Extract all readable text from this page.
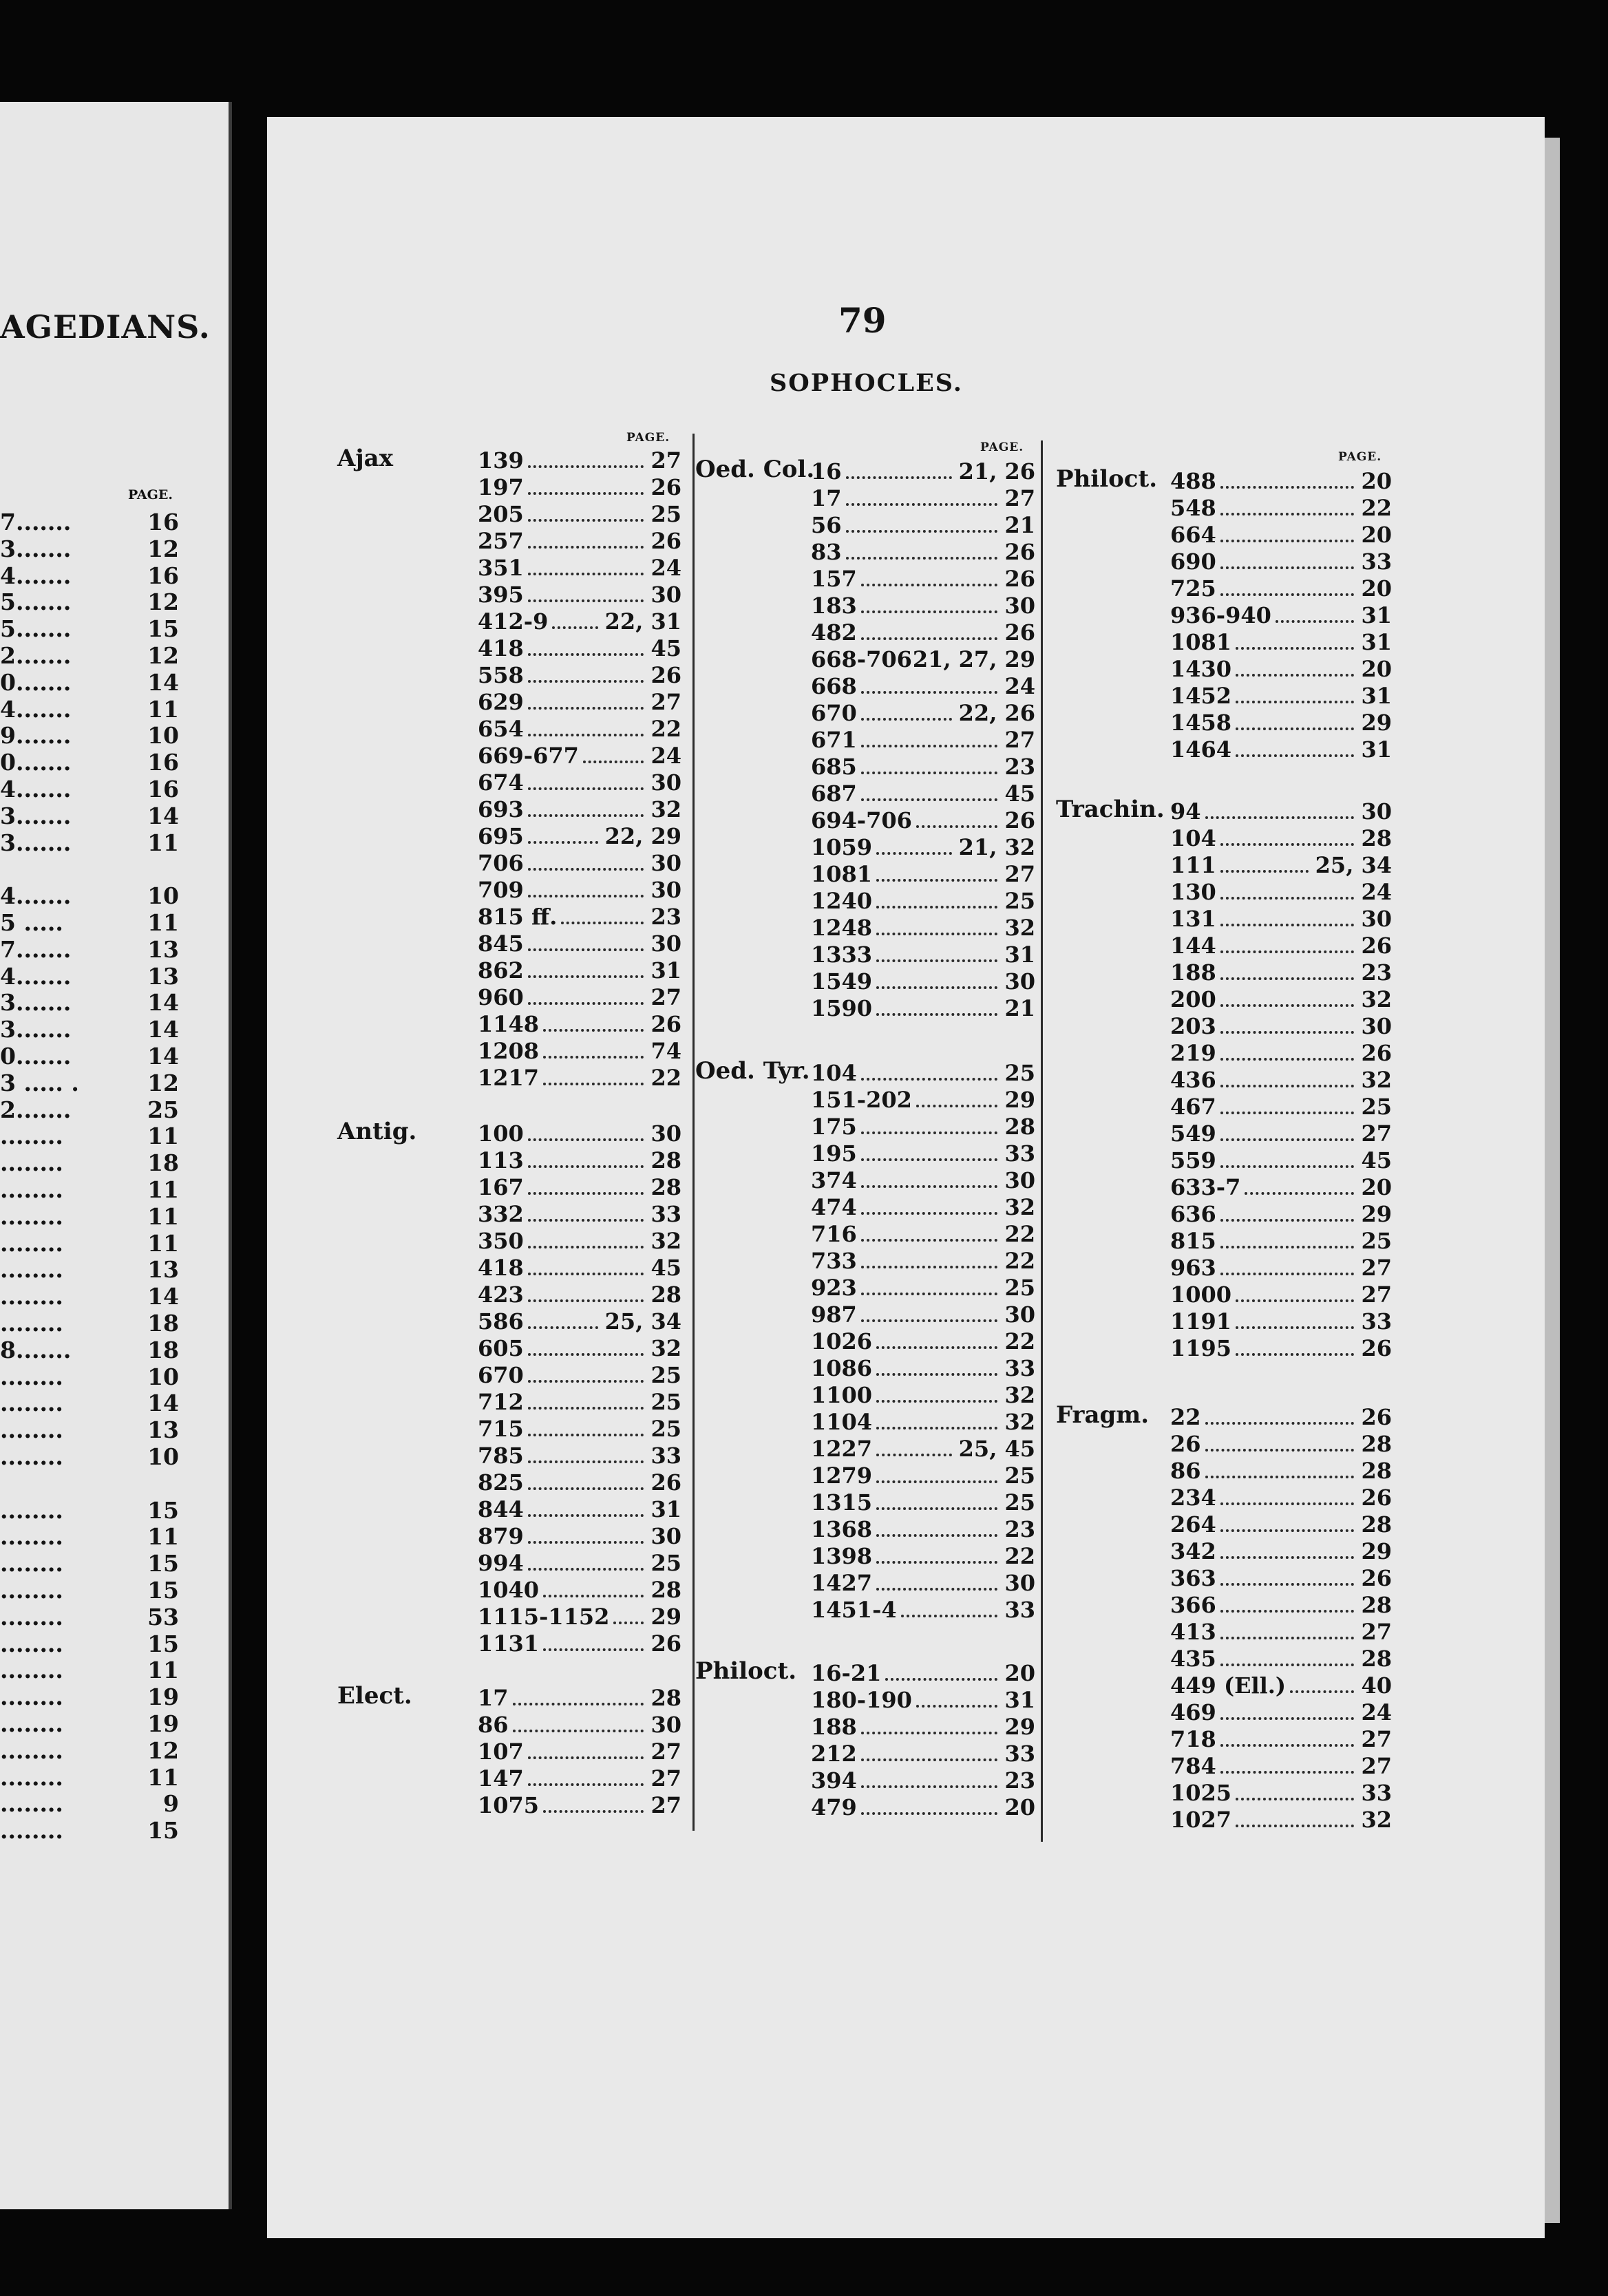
AGEDIANS.
PAGE.
7.......	16
3.......	12
4.......	16
5.......	12
5.......	15
2.......	12
0.......	14
4.......	11
9.......	10
0.......	16
4.......	16
3.......	14
3.......	11
4.......	10
5 .....	11
7.......	13
4.......	13
3.......	14
3.......	14
0.......	14
3 ..... .	12
2.......	25
........	11
........	18
........	11
........	11
........	11
........	13
........	14
........	18
8.......	18
........	10
........	14
........	13
........	10
........	15
........	11
........	15
........	15
........	53
........	15
........	11
........	19
........	19
........	12
........	11
........	9
........	15
79
SOPHOCLES.
PAGE.
PAGE.
PAGE.
Ajax	139	27
197	26
205	25
257	26
351	24
395	30
412-9	22, 31
418	45
558	26
629	27
654	22
669-677	24
674	30
693	32
695	22, 29
706	30
709	30
815 ff.	23
845	30
862	31
960	27
1148	26
1208	74
1217	22
Antig.	100	30
113	28
167	28
332	33
350	32
418	45
423	28
586	25, 34
605	32
670	25
712	25
715	25
785	33
825	26
844	31
879	30
994	25
1040	28
1115-1152 29
1131	26
Elect.	17	28
86	30
107	27
147	27
1075	27
Oed. Col.
16	21, 26
17	27
56	21
83	26
157	26
183	30
482	26
668-706 21, 27, 29
668	24
670	22, 26
671	27
685	23
687	45
694-706	26
1059	21, 32
1081	27
1240	25
1248	32
1333	31
1549	30
1590	21
Oed. Tyr. 104	25
151-202	29
175	28
195	33
374	30
474	32
716	22
733	22
923	25
987	30
1026	22
1086	33
1100	32
1104	32
1227	25, 45
1279	25
1315	25
1368	23
1398	22
1427	30
1451-4	33
Philoct. 16-21	20
180-190	31
188	29
212	33
394	23
479	20
Philoct. 488	20
548	22
664	20
690	33
725	20
936-940	31
1081	31
1430	20
1452	31
1458	29
1464	31
Trachin. 94	30
104	28
111	25, 34
130	24
131	30
144	26
188	23
200	32
203	30
219	26
436	32
467	25
549	27
559	45
633-7	20
636	29
815	25
963	27
1000	27
1191	33
1195	26
Fragm. 22	26
26	28
86	28
234	26
264	28
342	29
363	26
366	28
413	27
435	28
449 (Ell.)	40
469	24
718	27
784	27
1025	33
1027	32
